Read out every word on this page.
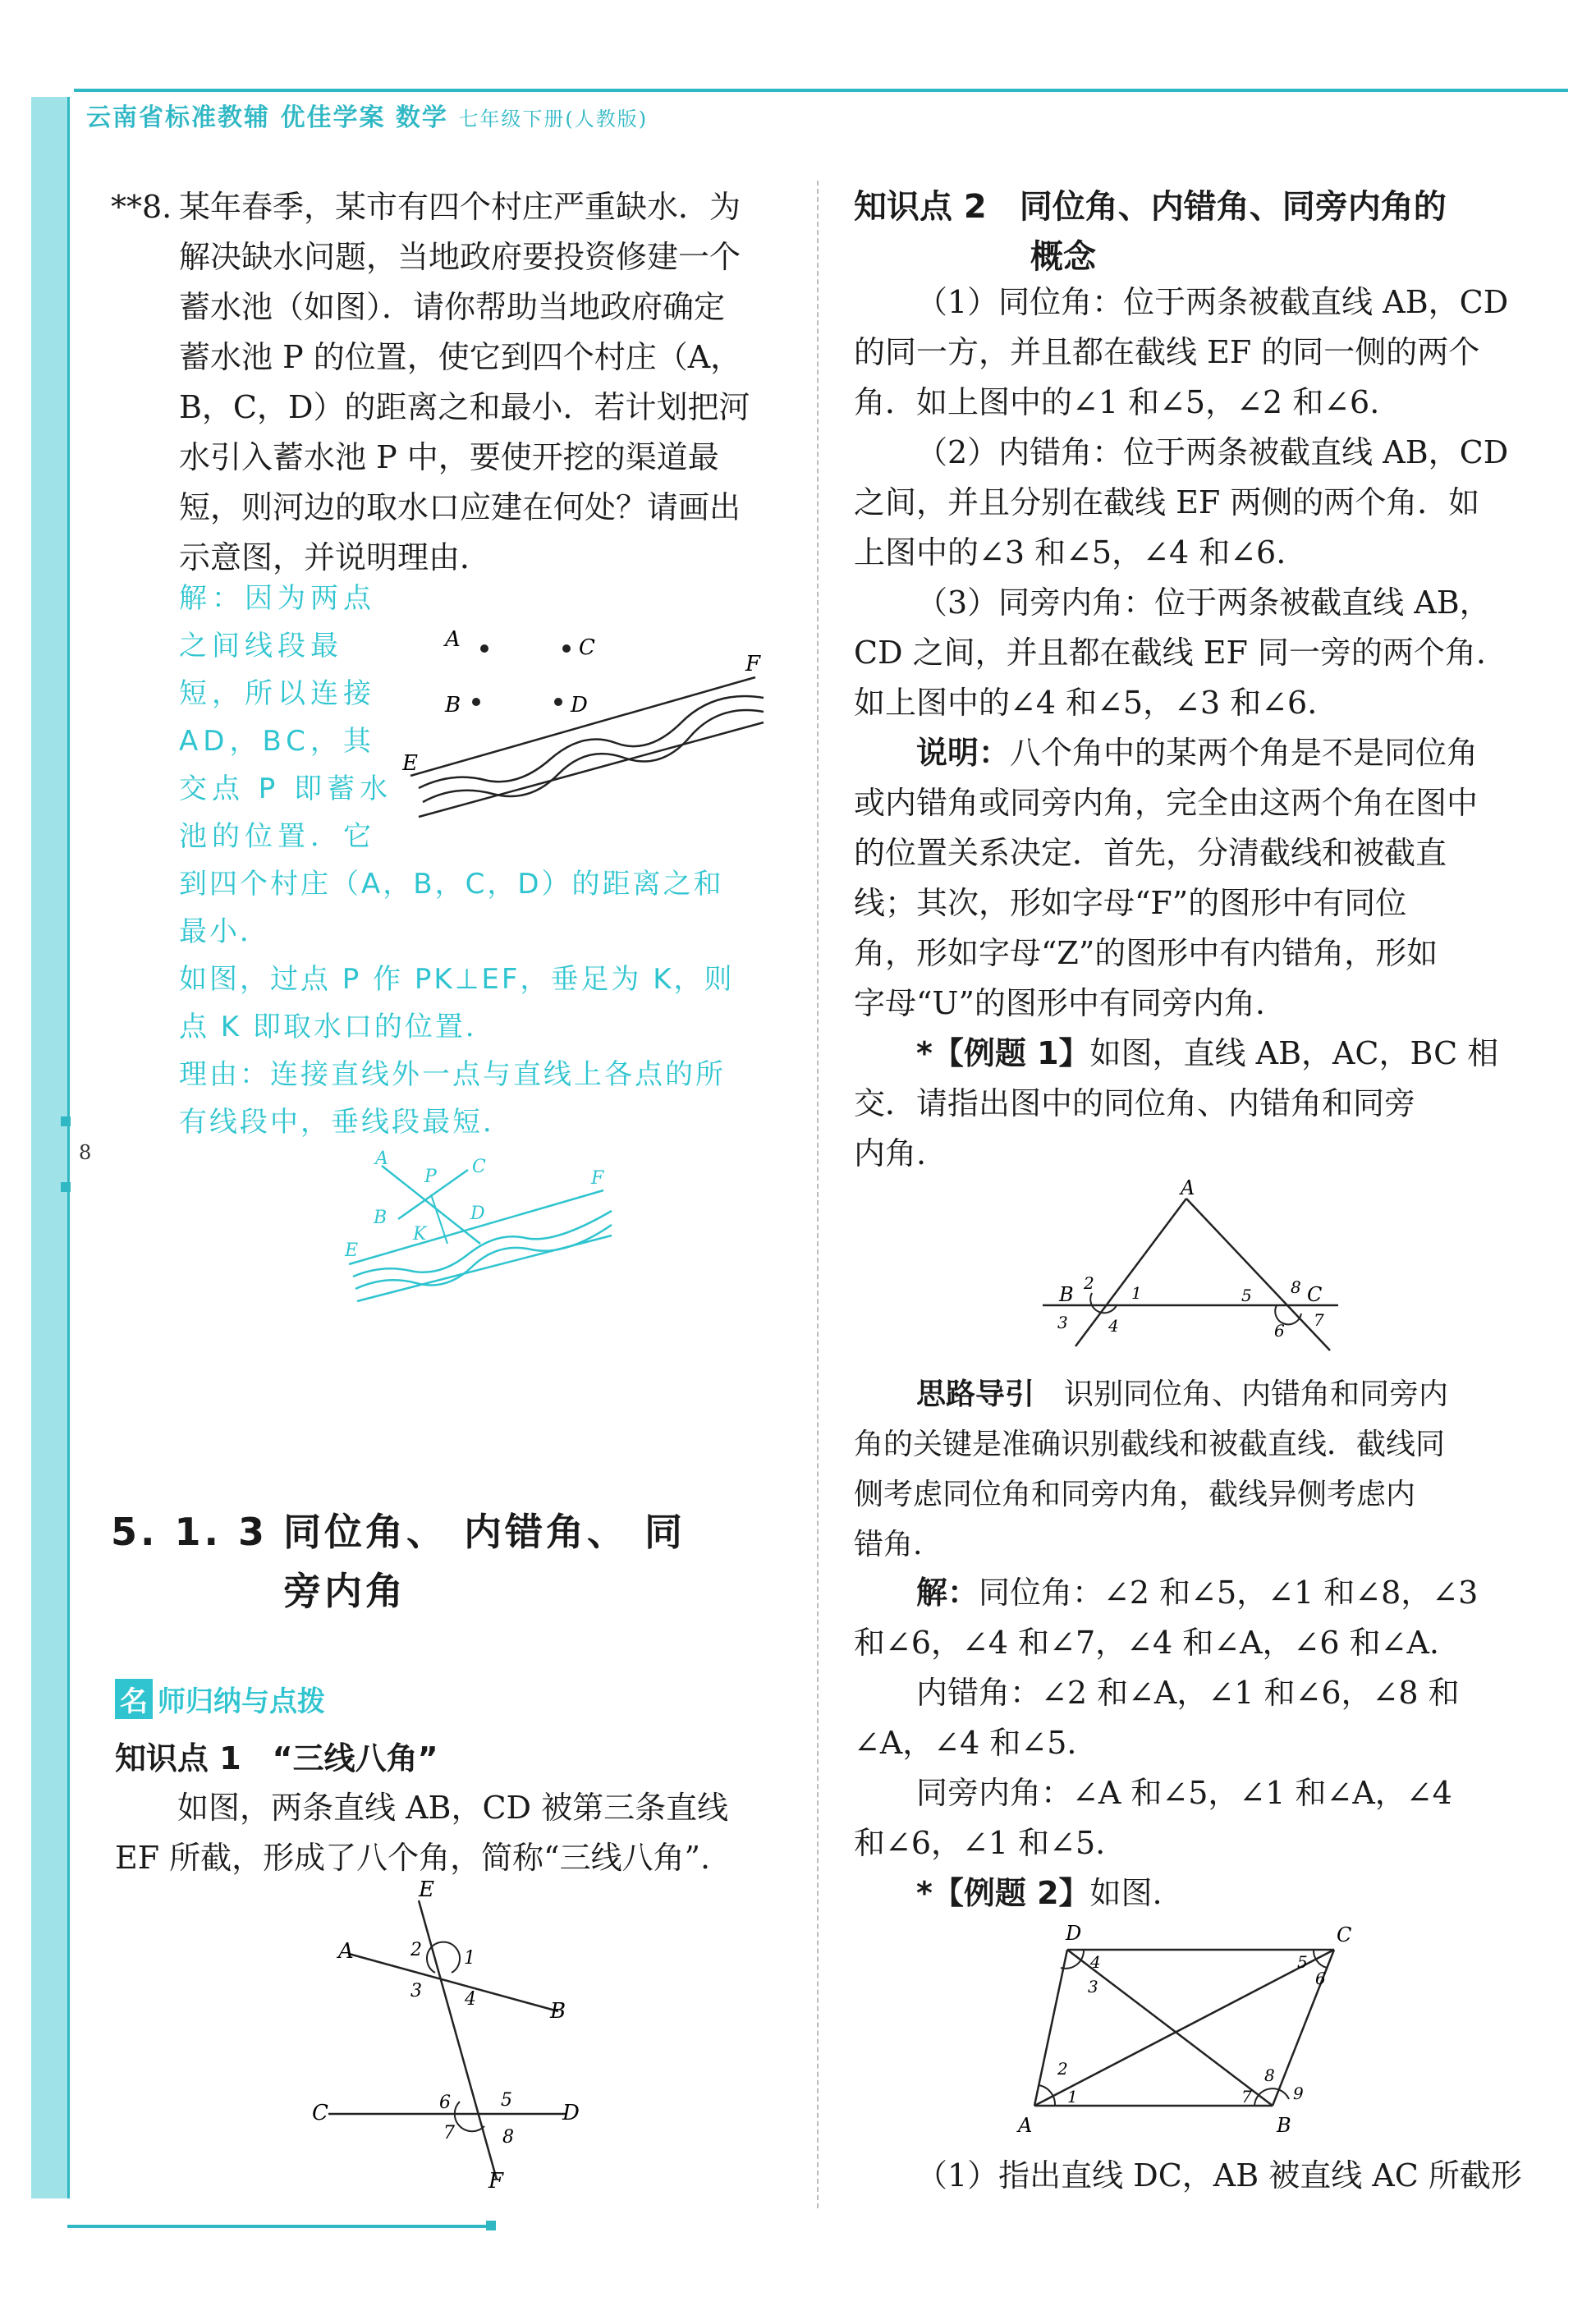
云南省标准教辅 优佳学案 数学 七年级下册(人教版)
8
**8. 某年春季，某市有四个村庄严重缺水．为
解决缺水问题，当地政府要投资修建一个
蓄水池（如图）．请你帮助当地政府确定
蓄水池 P 的位置，使它到四个村庄（A，
B，C，D）的距离之和最小．若计划把河
水引入蓄水池 P 中，要使开挖的渠道最
短，则河边的取水口应建在何处？请画出
示意图，并说明理由．
解：因为两点
之间线段最
短，所以连接
AD，BC，其
交点 P 即蓄水
池的位置．它
到四个村庄（A，B，C，D）的距离之和
最小．
如图，过点 P 作 PK⊥EF，垂足为 K，则
点 K 即取水口的位置．
理由：连接直线外一点与直线上各点的所
有线段中，垂线段最短．
A	C
B	D
E
F
A
P C
B	D
K
E
F
5. 1. 3 同位角、 内错角、 同
旁内角
名 师归纳与点拨
知识点 1　“三线八角”
如图，两条直线 AB，CD 被第三条直线
EF 所截，形成了八个角，简称“三线八角”.
E
F
A
B
C	D
2 1
3 4
6	5
7	8
知识点 2　同位角、内错角、同旁内角的
概念
（1）同位角：位于两条被截直线 AB，CD
的同一方，并且都在截线 EF 的同一侧的两个
角．如上图中的∠1 和∠5，∠2 和∠6.
（2）内错角：位于两条被截直线 AB，CD
之间，并且分别在截线 EF 两侧的两个角．如
上图中的∠3 和∠5，∠4 和∠6.
（3）同旁内角：位于两条被截直线 AB，
CD 之间，并且都在截线 EF 同一旁的两个角.
如上图中的∠4 和∠5，∠3 和∠6.
说明：八个角中的某两个角是不是同位角
或内错角或同旁内角，完全由这两个角在图中
的位置关系决定．首先，分清截线和被截直
线；其次，形如字母“F”的图形中有同位
角，形如字母“Z”的图形中有内错角，形如
字母“U”的图形中有同旁内角.
*【例题 1】如图，直线 AB，AC，BC 相
交．请指出图中的同位角、内错角和同旁
内角.
A
B	C
2 1
3 4
5 8
6
7
思路导引　 识别同位角、内错角和同旁内
角的关键是准确识别截线和被截直线．截线同
侧考虑同位角和同旁内角，截线异侧考虑内
错角.
解：同位角：∠2 和∠5，∠1 和∠8，∠3
和∠6，∠4 和∠7，∠4 和∠A，∠6 和∠A.
内错角：∠2 和∠A，∠1 和∠6，∠8 和
∠A，∠4 和∠5.
同旁内角：∠A 和∠5，∠1 和∠A，∠4
和∠6，∠1 和∠5.
*【例题 2】如图.
D	C
A	B
4
3
5
6
2
1
8
7	9
（1）指出直线 DC，AB 被直线 AC 所截形
